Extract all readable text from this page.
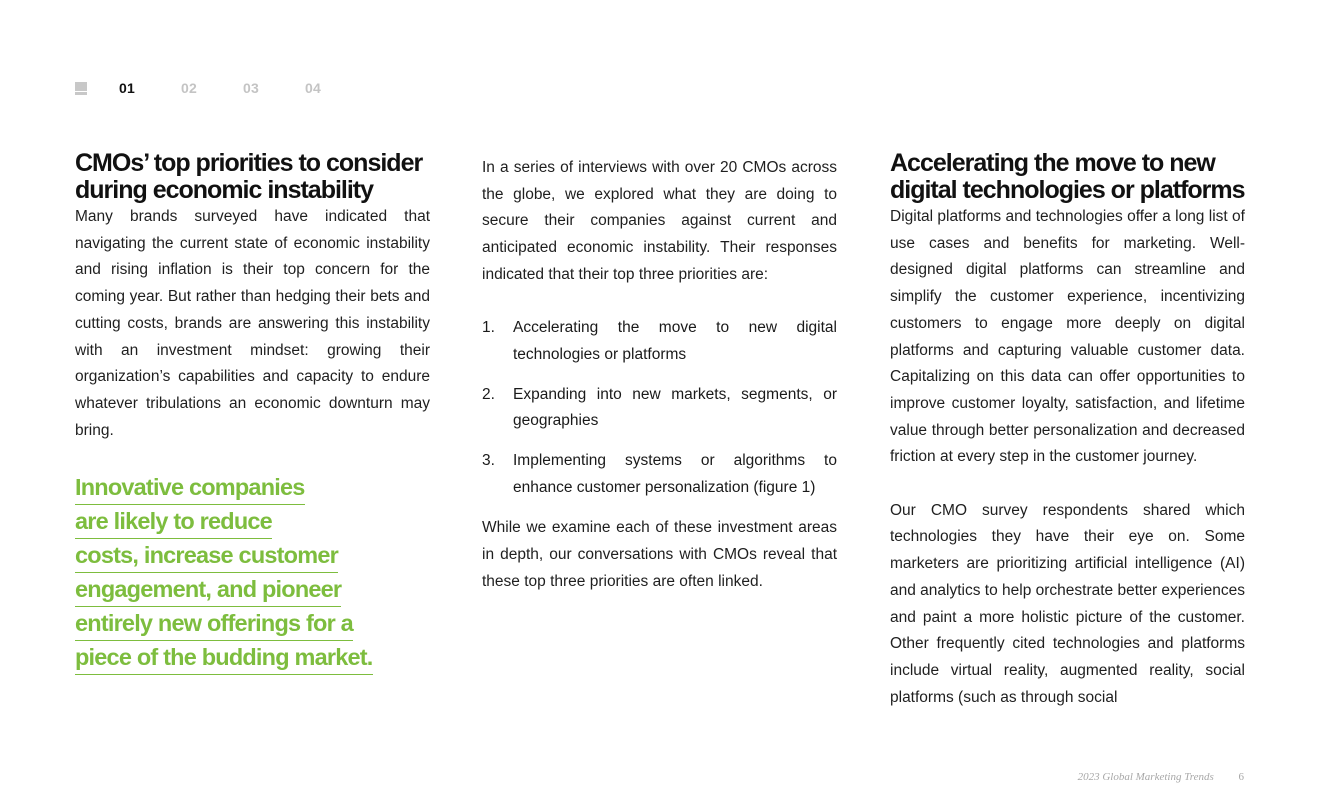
01	02	03	04
CMOs’ top priorities to consider
during economic instability

Many brands surveyed have indicated that navigating the current state of economic instability and rising inflation is their top concern for the coming year. But rather than hedging their bets and cutting costs, brands are answering this instability with an investment mindset: growing their organization’s capabilities and capacity to endure whatever tribulations an economic downturn may bring.

Innovative companies
are likely to reduce
costs, increase customer
engagement, and pioneer
entirely new offerings for a
piece of the budding market.

In a series of interviews with over 20 CMOs across the globe, we explored what they are doing to secure their companies against current and anticipated economic instability. Their responses indicated that their top three priorities are:

1.	Accelerating the move to new digital technologies or platforms
2.	Expanding into new markets, segments, or geographies
3.	Implementing systems or algorithms to enhance customer personalization (figure 1)

While we examine each of these investment areas in depth, our conversations with CMOs reveal that these top three priorities are often linked.

Accelerating the move to new
digital technologies or platforms

Digital platforms and technologies offer a long list of use cases and benefits for marketing. Well-designed digital platforms can streamline and simplify the customer experience, incentivizing customers to engage more deeply on digital platforms and capturing valuable customer data. Capitalizing on this data can offer opportunities to improve customer loyalty, satisfaction, and lifetime value through better personalization and decreased friction at every step in the customer journey.

Our CMO survey respondents shared which technologies they have their eye on. Some marketers are prioritizing artificial intelligence (AI) and analytics to help orchestrate better experiences and paint a more holistic picture of the customer. Other frequently cited technologies and platforms include virtual reality, augmented reality, social platforms (such as through social

2023 Global Marketing Trends 6
